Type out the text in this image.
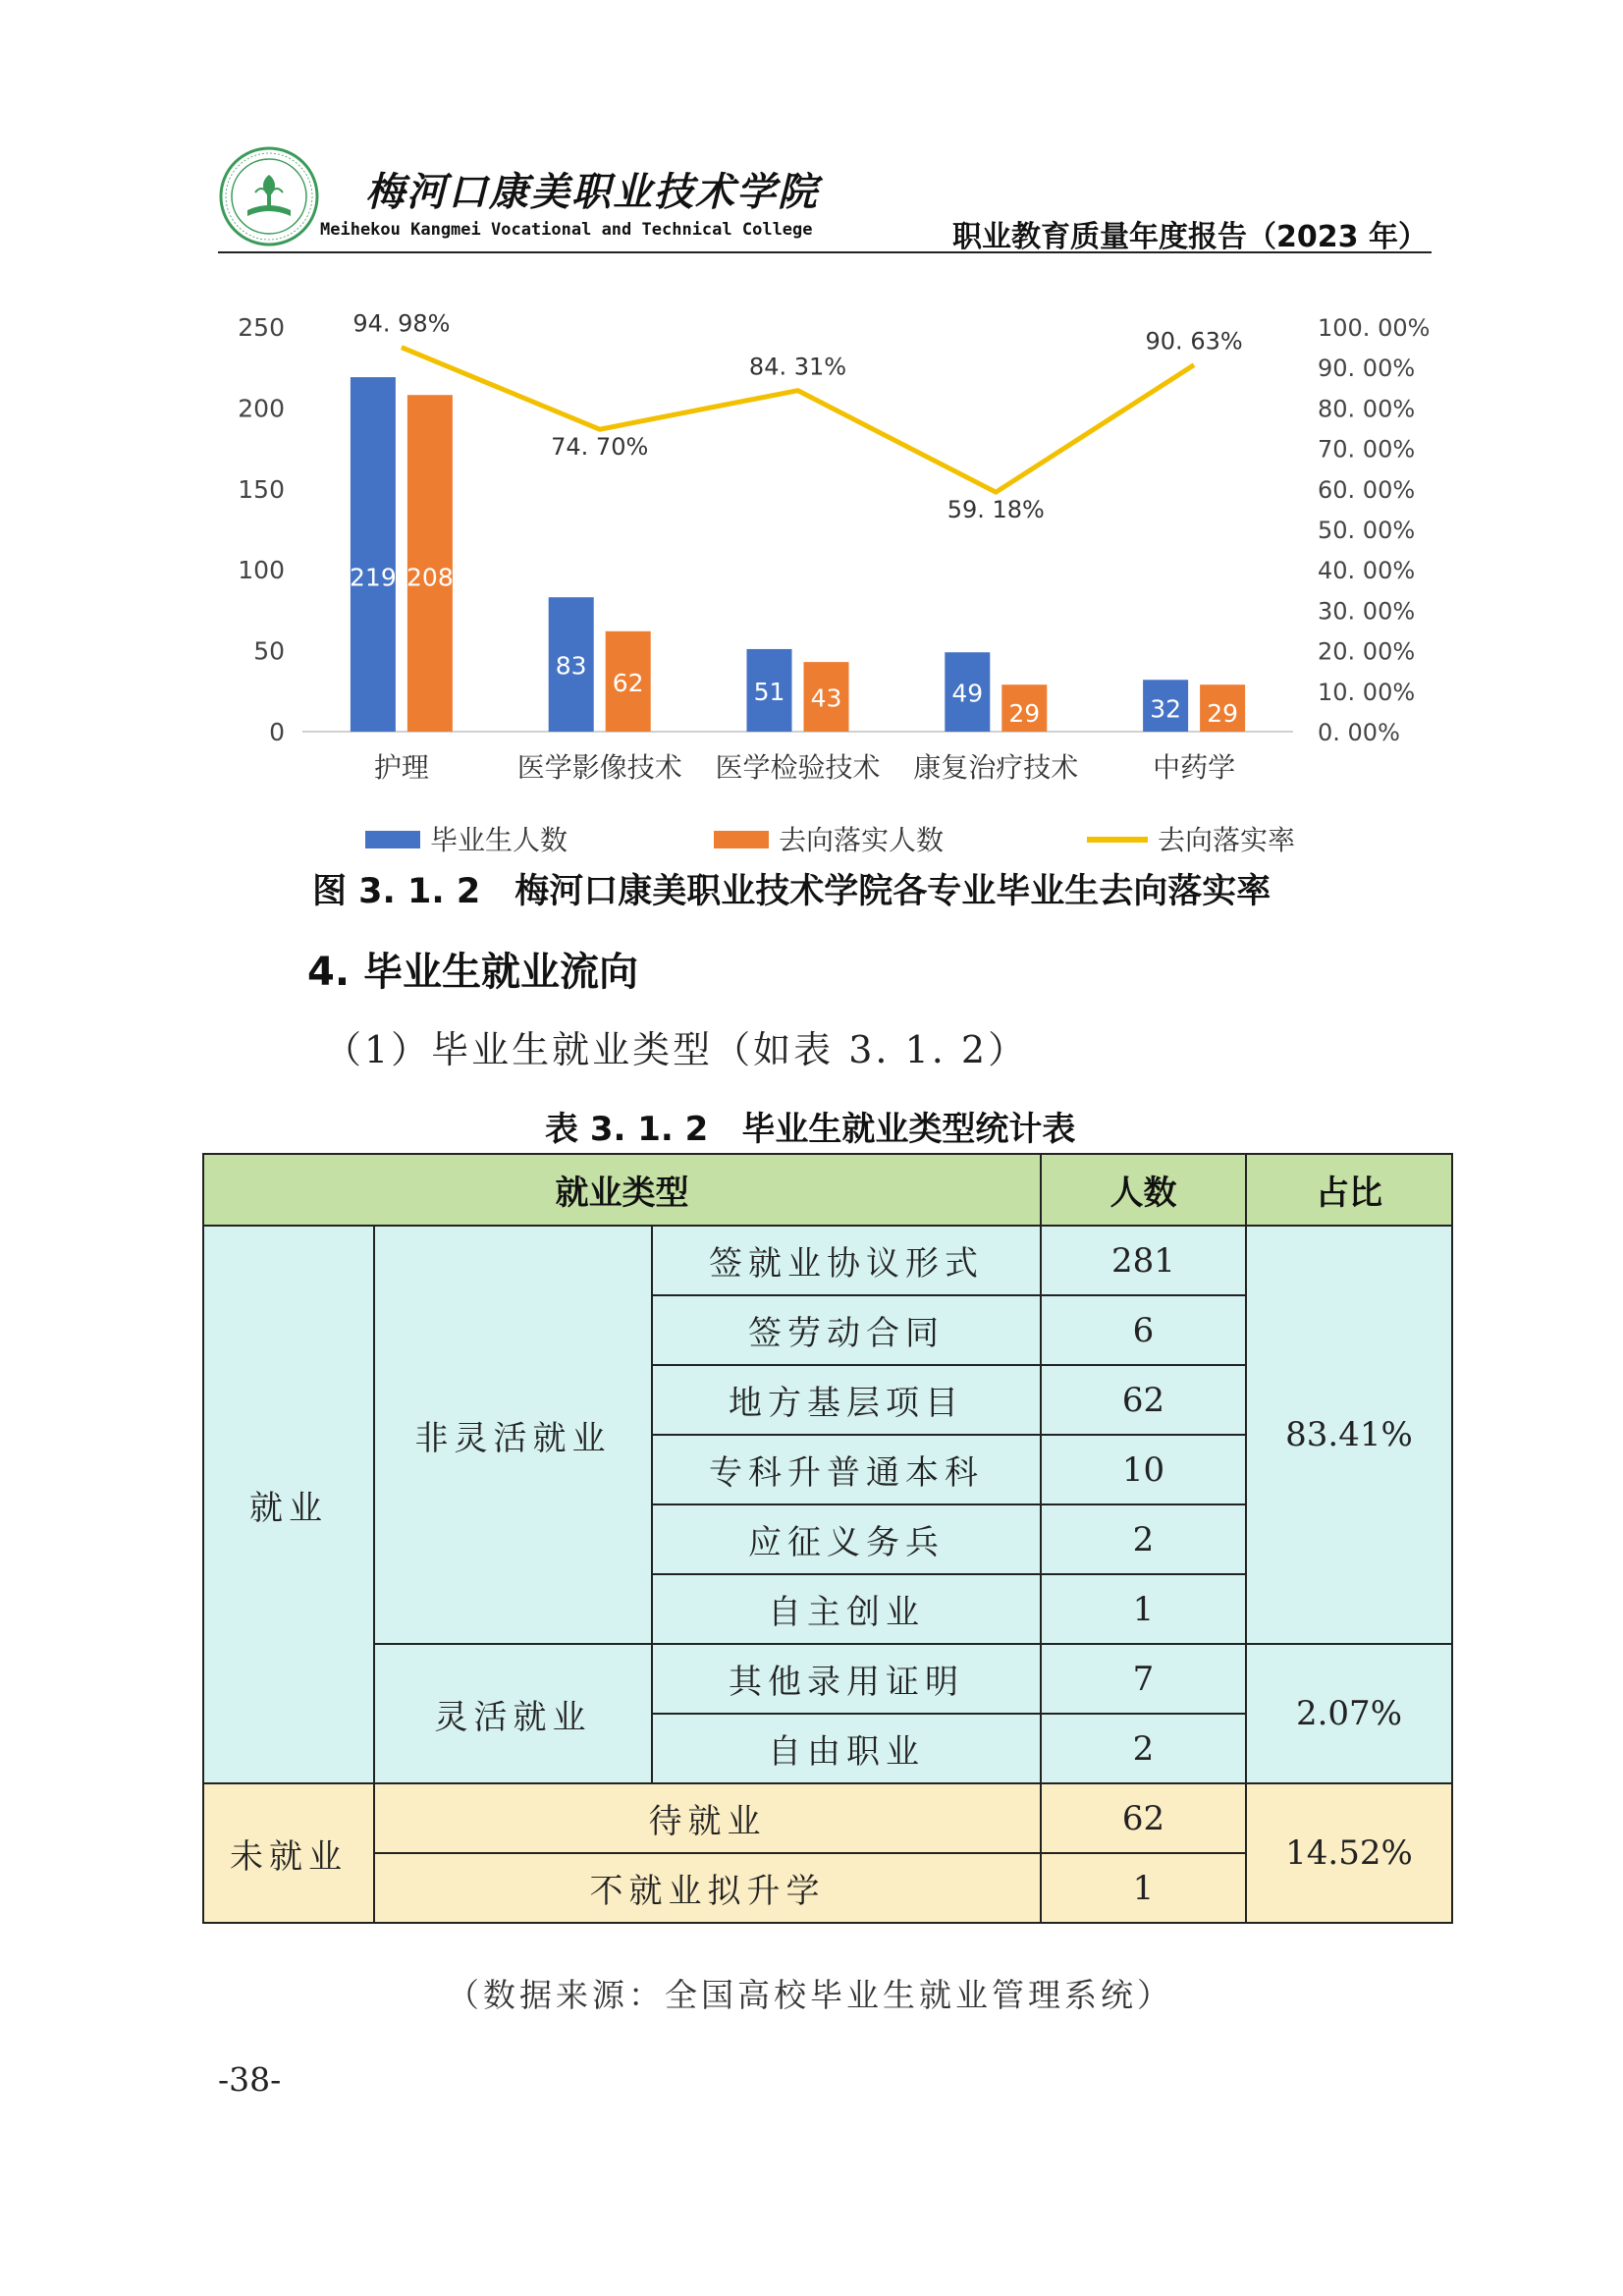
梅河口康美职业技术学院
Meihekou Kangmei Vocational and Technical College	职业教育质量年度报告（2023 年）
250
200
150
100
50
0
100. 00%
90. 00%
80. 00%
70. 00%
60. 00%
50. 00%
40. 00%
30. 00%
20. 00%
10. 00%
0. 00%
219
83
51	49
32
208
62
43
29	29
94. 98%
74. 70%
84. 31%
59. 18%
90. 63%
护理	医学影像技术 医学检验技术 康复治疗技术	中药学
毕业生人数	去向落实人数	去向落实率
图 3. 1. 2　梅河口康美职业技术学院各专业毕业生去向落实率
4. 毕业生就业流向
（1）毕业生就业类型（如表 3. 1. 2）
表 3. 1. 2　毕业生就业类型统计表
就业类型			人数	占比
就业	非灵活就业	签就业协议形式	281	83.41%
		签劳动合同	6	
		地方基层项目	62	
		专科升普通本科	10	
		应征义务兵	2	
		自主创业	1	
	灵活就业	其他录用证明	7	2.07%
		自由职业	2	
未就业	待就业		62	14.52%
	不就业拟升学		1	
（数据来源：全国高校毕业生就业管理系统）
-38-
